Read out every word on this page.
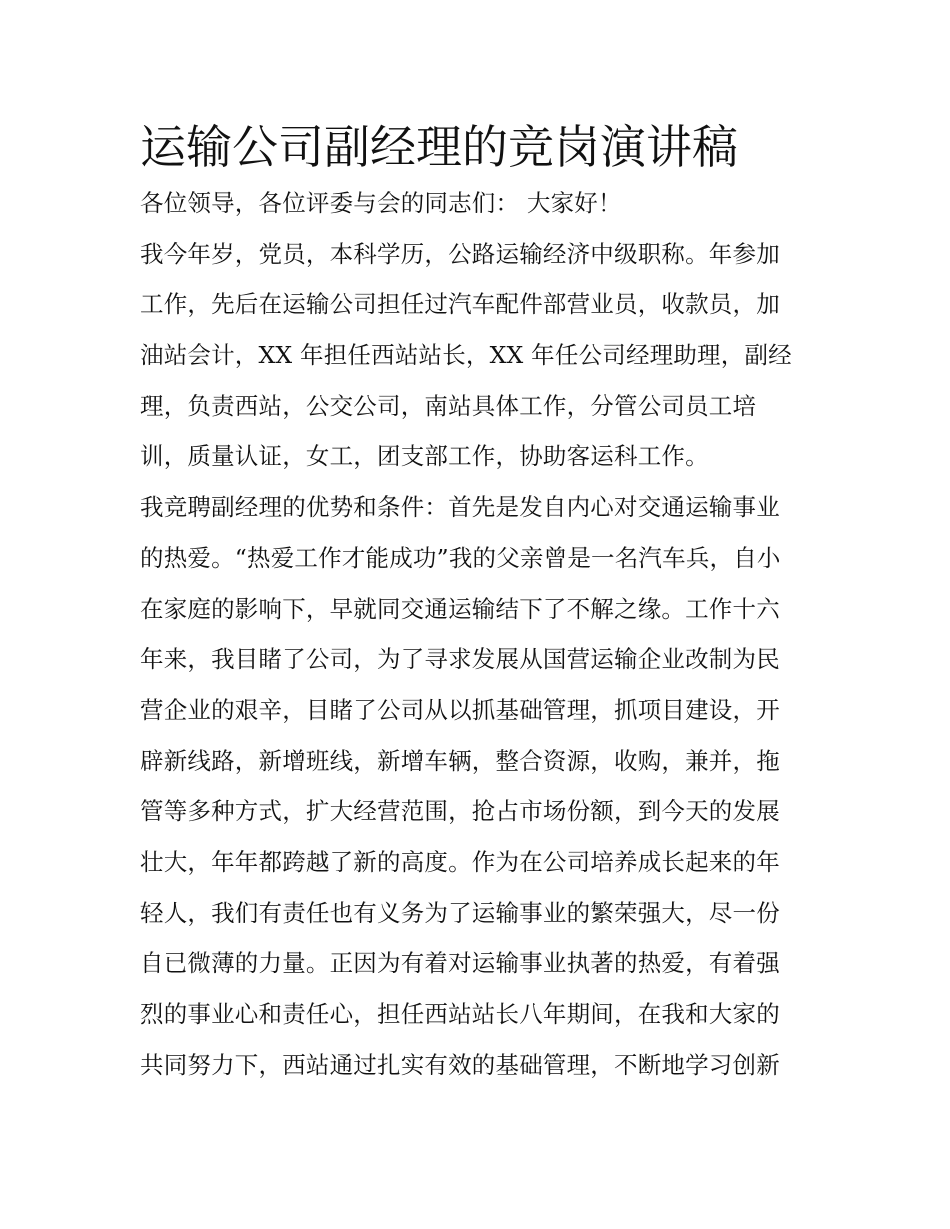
运输公司副经理的竞岗演讲稿
各位领导，各位评委与会的同志们： 大家好！
我今年岁，党员，本科学历，公路运输经济中级职称。年参加
工作，先后在运输公司担任过汽车配件部营业员，收款员，加
油站会计，XX 年担任西站站长，XX 年任公司经理助理，副经
理，负责西站，公交公司，南站具体工作，分管公司员工培
训，质量认证，女工，团支部工作，协助客运科工作。
我竞聘副经理的优势和条件：首先是发自内心对交通运输事业
的热爱。“热爱工作才能成功”我的父亲曾是一名汽车兵，自小
在家庭的影响下，早就同交通运输结下了不解之缘。工作十六
年来，我目睹了公司，为了寻求发展从国营运输企业改制为民
营企业的艰辛，目睹了公司从以抓基础管理，抓项目建设，开
辟新线路，新增班线，新增车辆，整合资源，收购，兼并，拖
管等多种方式，扩大经营范围，抢占市场份额，到今天的发展
壮大，年年都跨越了新的高度。作为在公司培养成长起来的年
轻人，我们有责任也有义务为了运输事业的繁荣强大，尽一份
自已微薄的力量。正因为有着对运输事业执著的热爱，有着强
烈的事业心和责任心，担任西站站长八年期间，在我和大家的
共同努力下，西站通过扎实有效的基础管理，不断地学习创新
